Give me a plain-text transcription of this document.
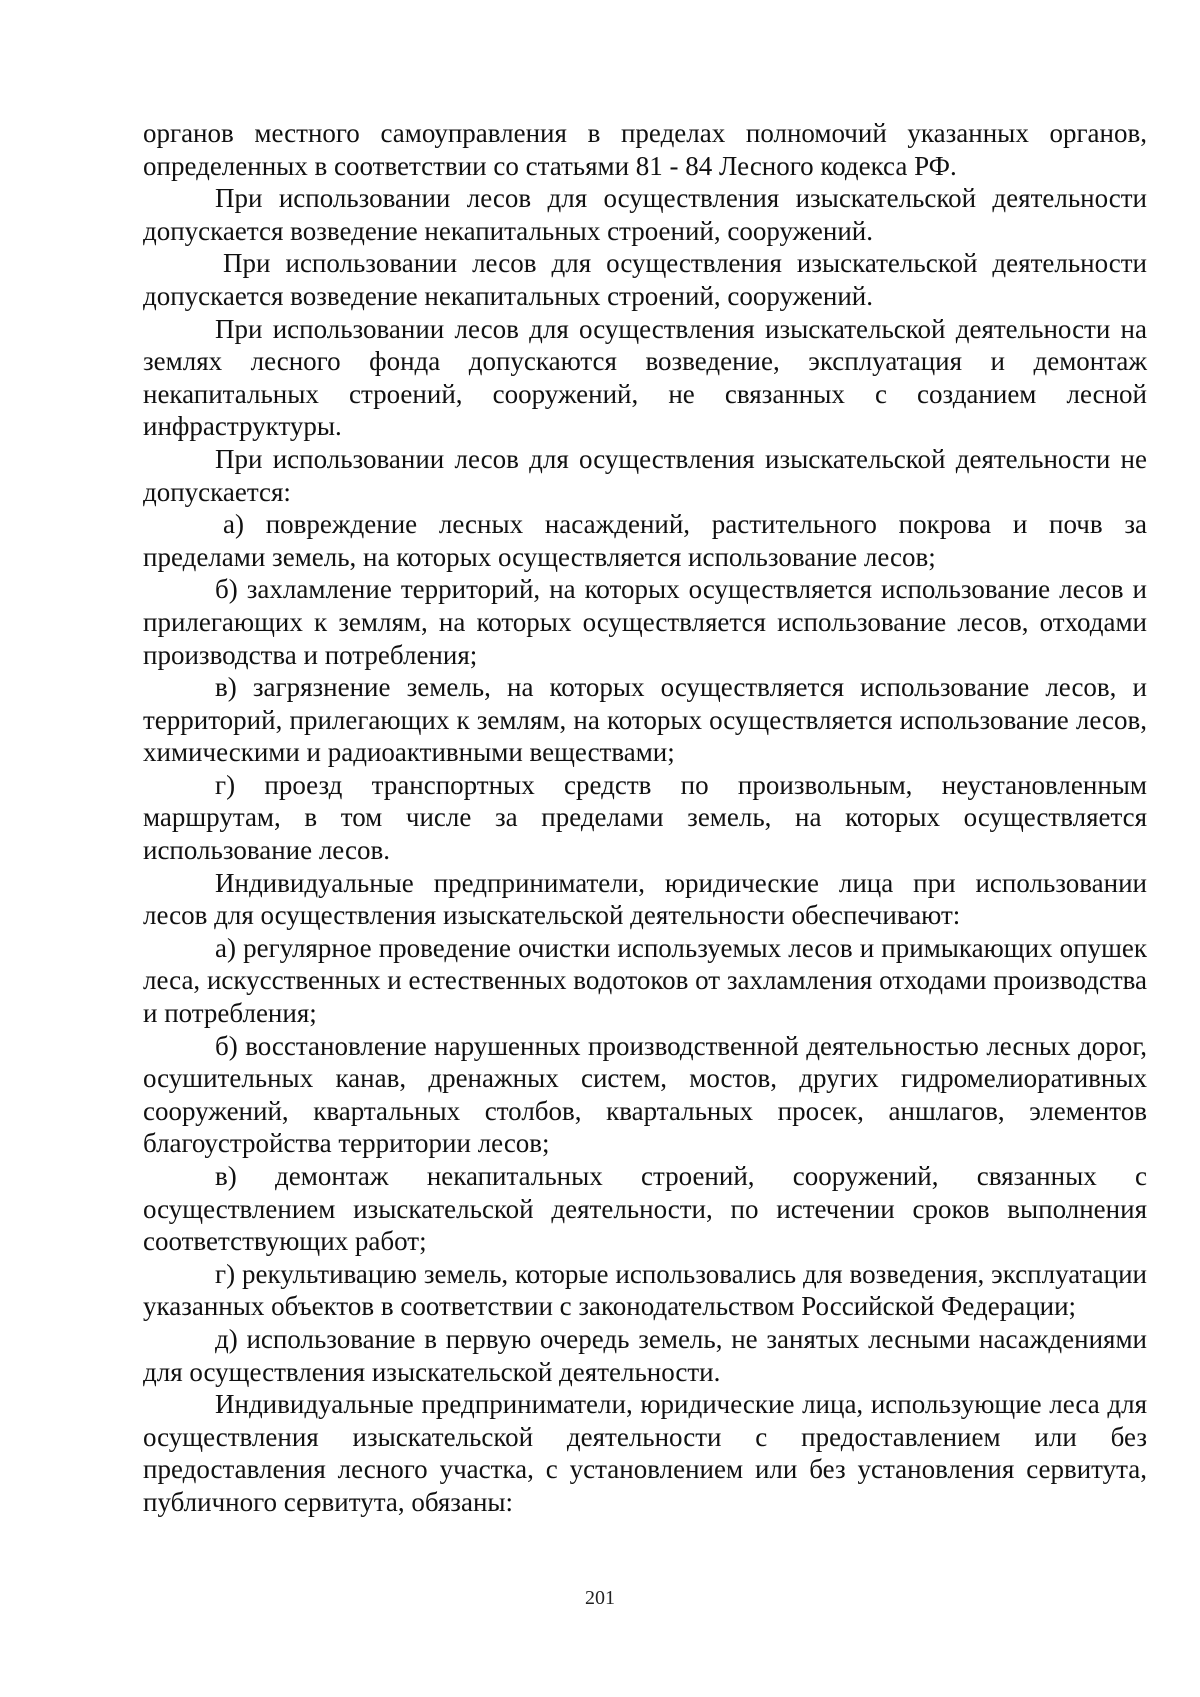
органов местного самоуправления в пределах полномочий указанных органов, определенных в соответствии со статьями 81 - 84 Лесного кодекса РФ.

При использовании лесов для осуществления изыскательской деятельности допускается возведение некапитальных строений, сооружений.

При использовании лесов для осуществления изыскательской деятельности допускается возведение некапитальных строений, сооружений.

При использовании лесов для осуществления изыскательской деятельности на землях лесного фонда допускаются возведение, эксплуатация и демонтаж некапитальных строений, сооружений, не связанных с созданием лесной инфраструктуры.

При использовании лесов для осуществления изыскательской деятельности не допускается:

а) повреждение лесных насаждений, растительного покрова и почв за пределами земель, на которых осуществляется использование лесов;

б) захламление территорий, на которых осуществляется использование лесов и прилегающих к землям, на которых осуществляется использование лесов, отходами производства и потребления;

в) загрязнение земель, на которых осуществляется использование лесов, и территорий, прилегающих к землям, на которых осуществляется использование лесов, химическими и радиоактивными веществами;

г) проезд транспортных средств по произвольным, неустановленным маршрутам, в том числе за пределами земель, на которых осуществляется использование лесов.

Индивидуальные предприниматели, юридические лица при использовании лесов для осуществления изыскательской деятельности обеспечивают:

а) регулярное проведение очистки используемых лесов и примыкающих опушек леса, искусственных и естественных водотоков от захламления отходами производства и потребления;

б) восстановление нарушенных производственной деятельностью лесных дорог, осушительных канав, дренажных систем, мостов, других гидромелиоративных сооружений, квартальных столбов, квартальных просек, аншлагов, элементов благоустройства территории лесов;

в) демонтаж некапитальных строений, сооружений, связанных с осуществлением изыскательской деятельности, по истечении сроков выполнения соответствующих работ;

г) рекультивацию земель, которые использовались для возведения, эксплуатации указанных объектов в соответствии с законодательством Российской Федерации;

д) использование в первую очередь земель, не занятых лесными насаждениями для осуществления изыскательской деятельности.

Индивидуальные предприниматели, юридические лица, использующие леса для осуществления изыскательской деятельности с предоставлением или без предоставления лесного участка, с установлением или без установления сервитута, публичного сервитута, обязаны:

201
